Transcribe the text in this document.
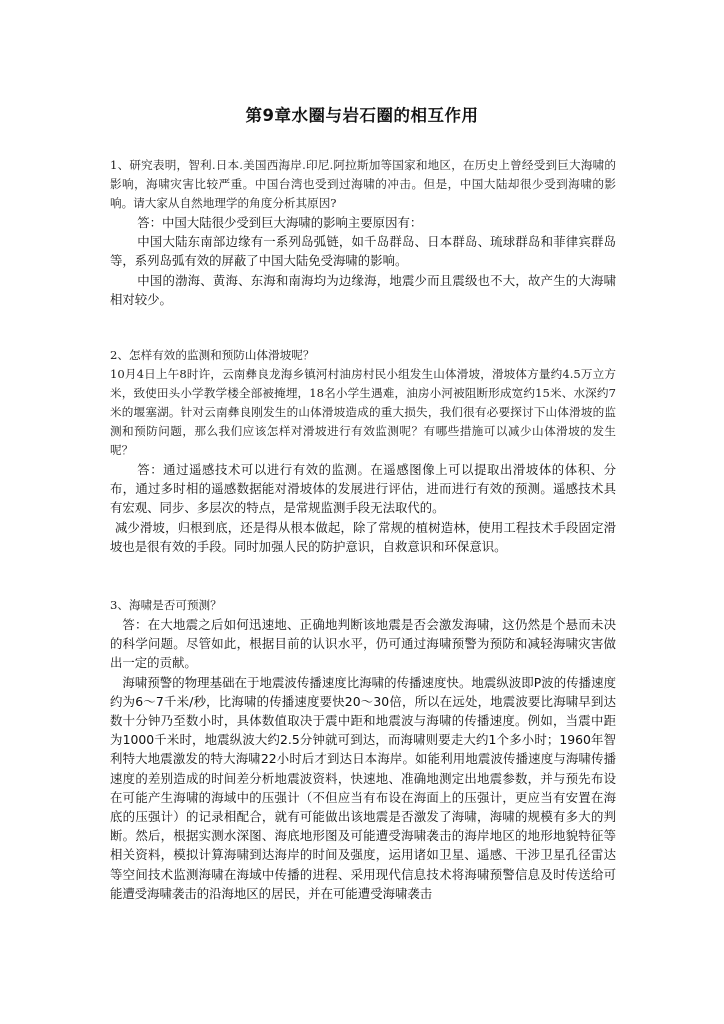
第9章水圈与岩石圈的相互作用

1、研究表明，智利.日本.美国西海岸.印尼.阿拉斯加等国家和地区，在历史上曾经受到巨大海啸的影响，海啸灾害比较严重。中国台湾也受到过海啸的冲击。但是，中国大陆却很少受到海啸的影响。请大家从自然地理学的角度分析其原因?

答：中国大陆很少受到巨大海啸的影响主要原因有：

中国大陆东南部边缘有一系列岛弧链，如千岛群岛、日本群岛、琉球群岛和菲律宾群岛等，系列岛弧有效的屏蔽了中国大陆免受海啸的影响。

中国的渤海、黄海、东海和南海均为边缘海，地震少而且震级也不大，故产生的大海啸相对较少。

2、怎样有效的监测和预防山体滑坡呢？

10月4日上午8时许，云南彝良龙海乡镇河村油房村民小组发生山体滑坡，滑坡体方量约4.5万立方米，致使田头小学教学楼全部被掩埋，18名小学生遇难，油房小河被阻断形成宽约15米、水深约7米的堰塞湖。针对云南彝良刚发生的山体滑坡造成的重大损失，我们很有必要探讨下山体滑坡的监测和预防问题，那么我们应该怎样对滑坡进行有效监测呢？有哪些措施可以减少山体滑坡的发生呢？

答：通过遥感技术可以进行有效的监测。在遥感图像上可以提取出滑坡体的体积、分布，通过多时相的遥感数据能对滑坡体的发展进行评估，进而进行有效的预测。遥感技术具有宏观、同步、多层次的特点，是常规监测手段无法取代的。

减少滑坡，归根到底，还是得从根本做起，除了常规的植树造林，使用工程技术手段固定滑坡也是很有效的手段。同时加强人民的防护意识，自救意识和环保意识。

3、海啸是否可预测？

答：在大地震之后如何迅速地、正确地判断该地震是否会激发海啸，这仍然是个悬而未决的科学问题。尽管如此，根据目前的认识水平，仍可通过海啸预警为预防和减轻海啸灾害做出一定的贡献。

海啸预警的物理基础在于地震波传播速度比海啸的传播速度快。地震纵波即P波的传播速度约为6～7千米/秒，比海啸的传播速度要快20～30倍，所以在远处，地震波要比海啸早到达数十分钟乃至数小时，具体数值取决于震中距和地震波与海啸的传播速度。例如，当震中距为1000千米时，地震纵波大约2.5分钟就可到达，而海啸则要走大约1个多小时；1960年智利特大地震激发的特大海啸22小时后才到达日本海岸。如能利用地震波传播速度与海啸传播速度的差别造成的时间差分析地震波资料，快速地、准确地测定出地震参数，并与预先布设在可能产生海啸的海域中的压强计（不但应当有布设在海面上的压强计，更应当有安置在海底的压强计）的记录相配合，就有可能做出该地震是否激发了海啸，海啸的规模有多大的判断。然后，根据实测水深图、海底地形图及可能遭受海啸袭击的海岸地区的地形地貌特征等相关资料，模拟计算海啸到达海岸的时间及强度，运用诸如卫星、遥感、干涉卫星孔径雷达等空间技术监测海啸在海域中传播的进程、采用现代信息技术将海啸预警信息及时传送给可能遭受海啸袭击的沿海地区的居民，并在可能遭受海啸袭击
